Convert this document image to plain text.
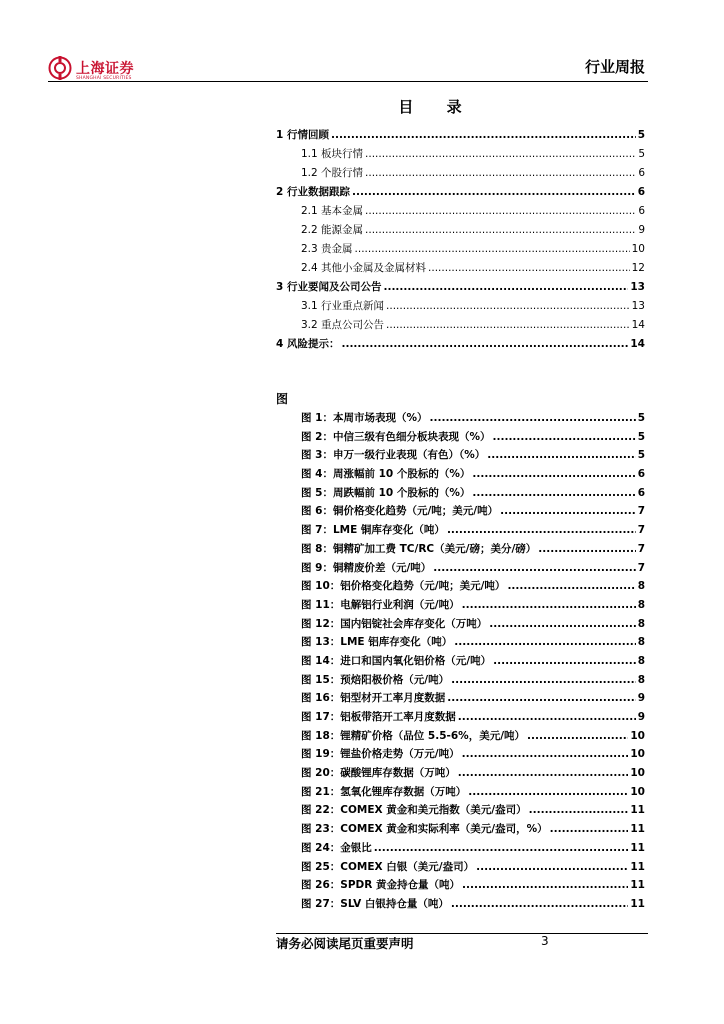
上海证券
SHANGHAI SECURITIES
行业周报
目 录
1 行情回顾 .....	5
1.1 板块行情 .....	5
1.2 个股行情 .....	6
2 行业数据跟踪 .....	6
2.1 基本金属 .....	6
2.2 能源金属 .....	9
2.3 贵金属 .....	10
2.4 其他小金属及金属材料 .....	12
3 行业要闻及公司公告 .....	13
3.1 行业重点新闻 .....	13
3.2 重点公司公告 .....	14
4 风险提示： .....	14
图
图 1：本周市场表现（%） .....	5
图 2：中信三级有色细分板块表现（%） .....	5
图 3：申万一级行业表现（有色）（%） .....	5
图 4：周涨幅前 10 个股标的（%） .....	6
图 5：周跌幅前 10 个股标的（%） .....	6
图 6：铜价格变化趋势（元/吨；美元/吨） .....	7
图 7：LME 铜库存变化（吨） .....	7
图 8：铜精矿加工费 TC/RC（美元/磅；美分/磅） .....	7
图 9：铜精废价差（元/吨） .....	7
图 10：铝价格变化趋势（元/吨；美元/吨） .....	8
图 11：电解铝行业利润（元/吨） .....	8
图 12：国内铝锭社会库存变化（万吨） .....	8
图 13：LME 铝库存变化（吨） .....	8
图 14：进口和国内氧化铝价格（元/吨） .....	8
图 15：预焙阳极价格（元/吨） .....	8
图 16：铝型材开工率月度数据 .....	9
图 17：铝板带箔开工率月度数据 .....	9
图 18：锂精矿价格（品位 5.5-6%，美元/吨） .....	10
图 19：锂盐价格走势（万元/吨） .....	10
图 20：碳酸锂库存数据（万吨） .....	10
图 21：氢氧化锂库存数据（万吨） .....	10
图 22：COMEX 黄金和美元指数（美元/盎司） .....	11
图 23：COMEX 黄金和实际利率（美元/盎司，%） .....	11
图 24：金银比 .....	11
图 25：COMEX 白银（美元/盎司） .....	11
图 26：SPDR 黄金持仓量（吨） .....	11
图 27：SLV 白银持仓量（吨） .....	11
请务必阅读尾页重要声明	3
